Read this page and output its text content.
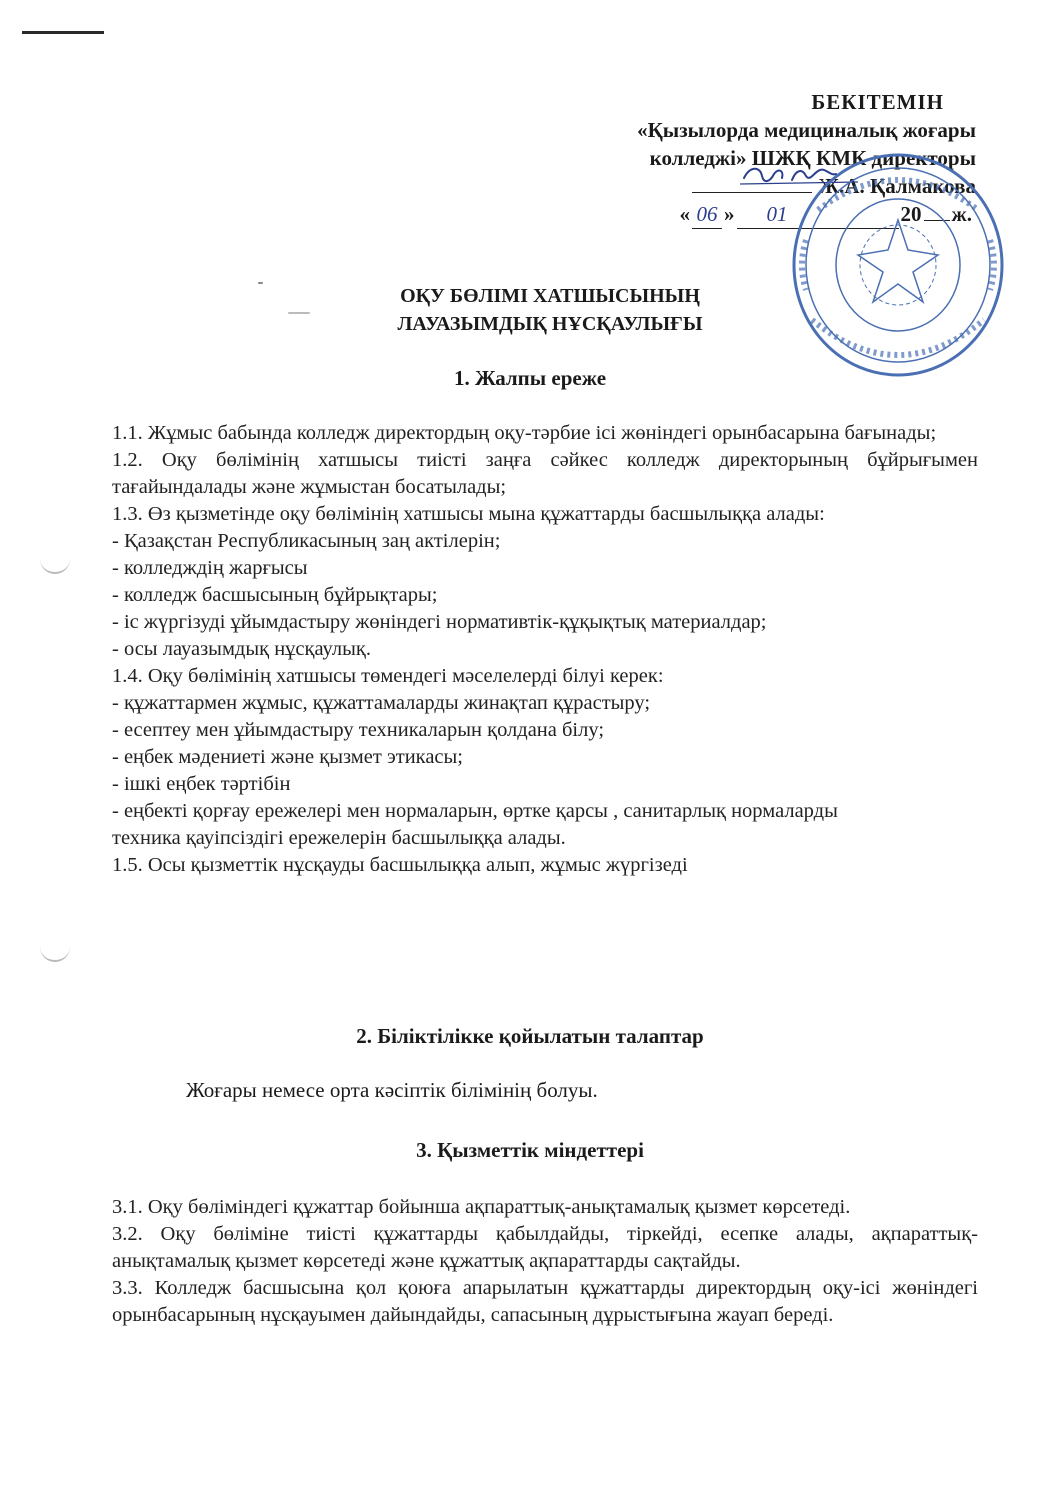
БЕКІТЕМІН
«Қызылорда медициналық жоғары
колледжі» ШЖҚ КМК директоры
Ж.А. Қалмакова
« 06 »	01	20 ж.
ОҚУ БӨЛІМІ ХАТШЫСЫНЫҢ
ЛАУАЗЫМДЫҚ НҰСҚАУЛЫҒЫ
1. Жалпы ереже

1.1. Жұмыс бабында колледж директордың оқу-тәрбие ісі жөніндегі орынбасарына бағынады;

1.2. Оқу бөлімінің хатшысы тиісті заңға сәйкес колледж директорының бұйрығымен тағайындалады және жұмыстан босатылады;

1.3. Өз қызметінде оқу бөлімінің хатшысы мына құжаттарды басшылыққа алады:

- Қазақстан Республикасының заң актілерін;

- колледждің жарғысы

- колледж басшысының бұйрықтары;

- іс жүргізуді ұйымдастыру жөніндегі нормативтік-құқықтық материалдар;

- осы лауазымдық нұсқаулық.

1.4. Оқу бөлімінің хатшысы төмендегі мәселелерді білуі керек:

- құжаттармен жұмыс, құжаттамаларды жинақтап құрастыру;

- есептеу мен ұйымдастыру техникаларын қолдана білу;

- еңбек мәдениеті және қызмет этикасы;

- ішкі еңбек тәртібін

- еңбекті қорғау ережелері мен нормаларын, өртке қарсы , санитарлық нормаларды

техника қауіпсіздігі ережелерін басшылыққа алады.

1.5. Осы қызметтік нұсқауды басшылыққа алып, жұмыс жүргізеді

2. Біліктілікке қойылатын талаптар
Жоғары немесе орта кәсіптік білімінің болуы.
3. Қызметтік міндеттері

3.1. Оқу бөліміндегі құжаттар бойынша ақпараттық-анықтамалық қызмет көрсетеді.

3.2. Оқу бөліміне тиісті құжаттарды қабылдайды, тіркейді, есепке алады, ақпараттық-анықтамалық қызмет көрсетеді және құжаттық ақпараттарды сақтайды.

3.3. Колледж басшысына қол қоюға апарылатын құжаттарды директордың оқу-ісі жөніндегі орынбасарының нұсқауымен дайындайды, сапасының дұрыстығына жауап береді.
